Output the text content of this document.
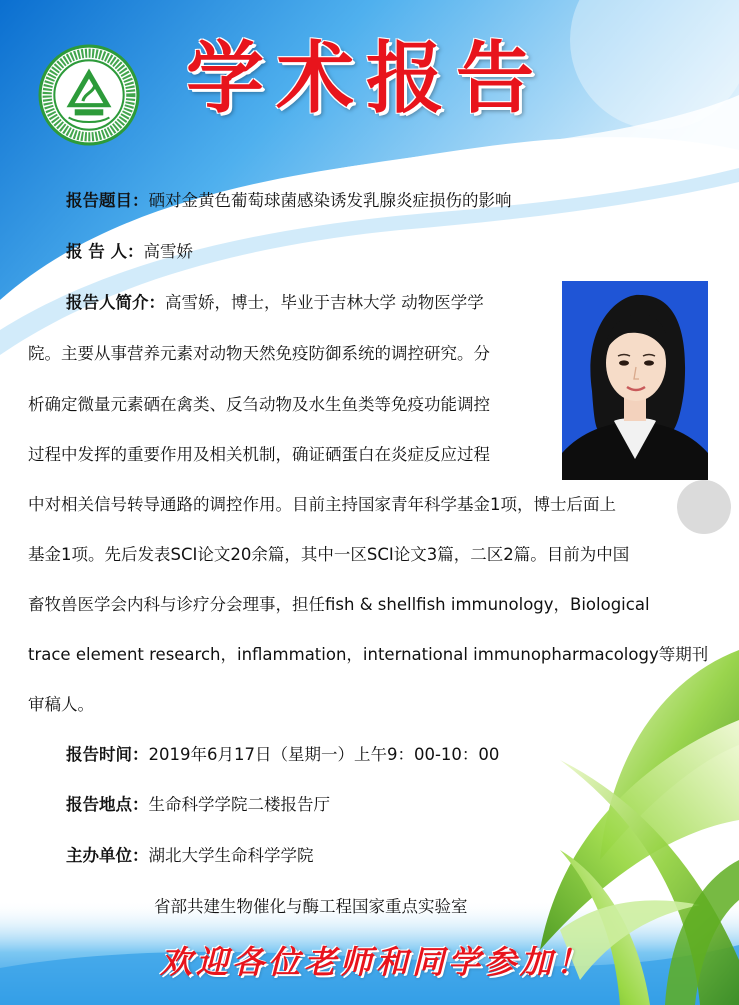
学术报告
报告题目：硒对金黄色葡萄球菌感染诱发乳腺炎症损伤的影响
报 告 人：高雪娇
报告人简介：高雪娇，博士，毕业于吉林大学 动物医学学
院。主要从事营养元素对动物天然免疫防御系统的调控研究。分
析确定微量元素硒在禽类、反刍动物及水生鱼类等免疫功能调控
过程中发挥的重要作用及相关机制，确证硒蛋白在炎症反应过程
中对相关信号转导通路的调控作用。目前主持国家青年科学基金1项，博士后面上
基金1项。先后发表SCI论文20余篇，其中一区SCI论文3篇，二区2篇。目前为中国
畜牧兽医学会内科与诊疗分会理事，担任fish & shellfish immunology，Biological
trace element research，inflammation，international immunopharmacology等期刊
审稿人。
报告时间：2019年6月17日（星期一）上午9：00-10：00
报告地点：生命科学学院二楼报告厅
主办单位：湖北大学生命科学学院
省部共建生物催化与酶工程国家重点实验室
欢迎各位老师和同学参加！
